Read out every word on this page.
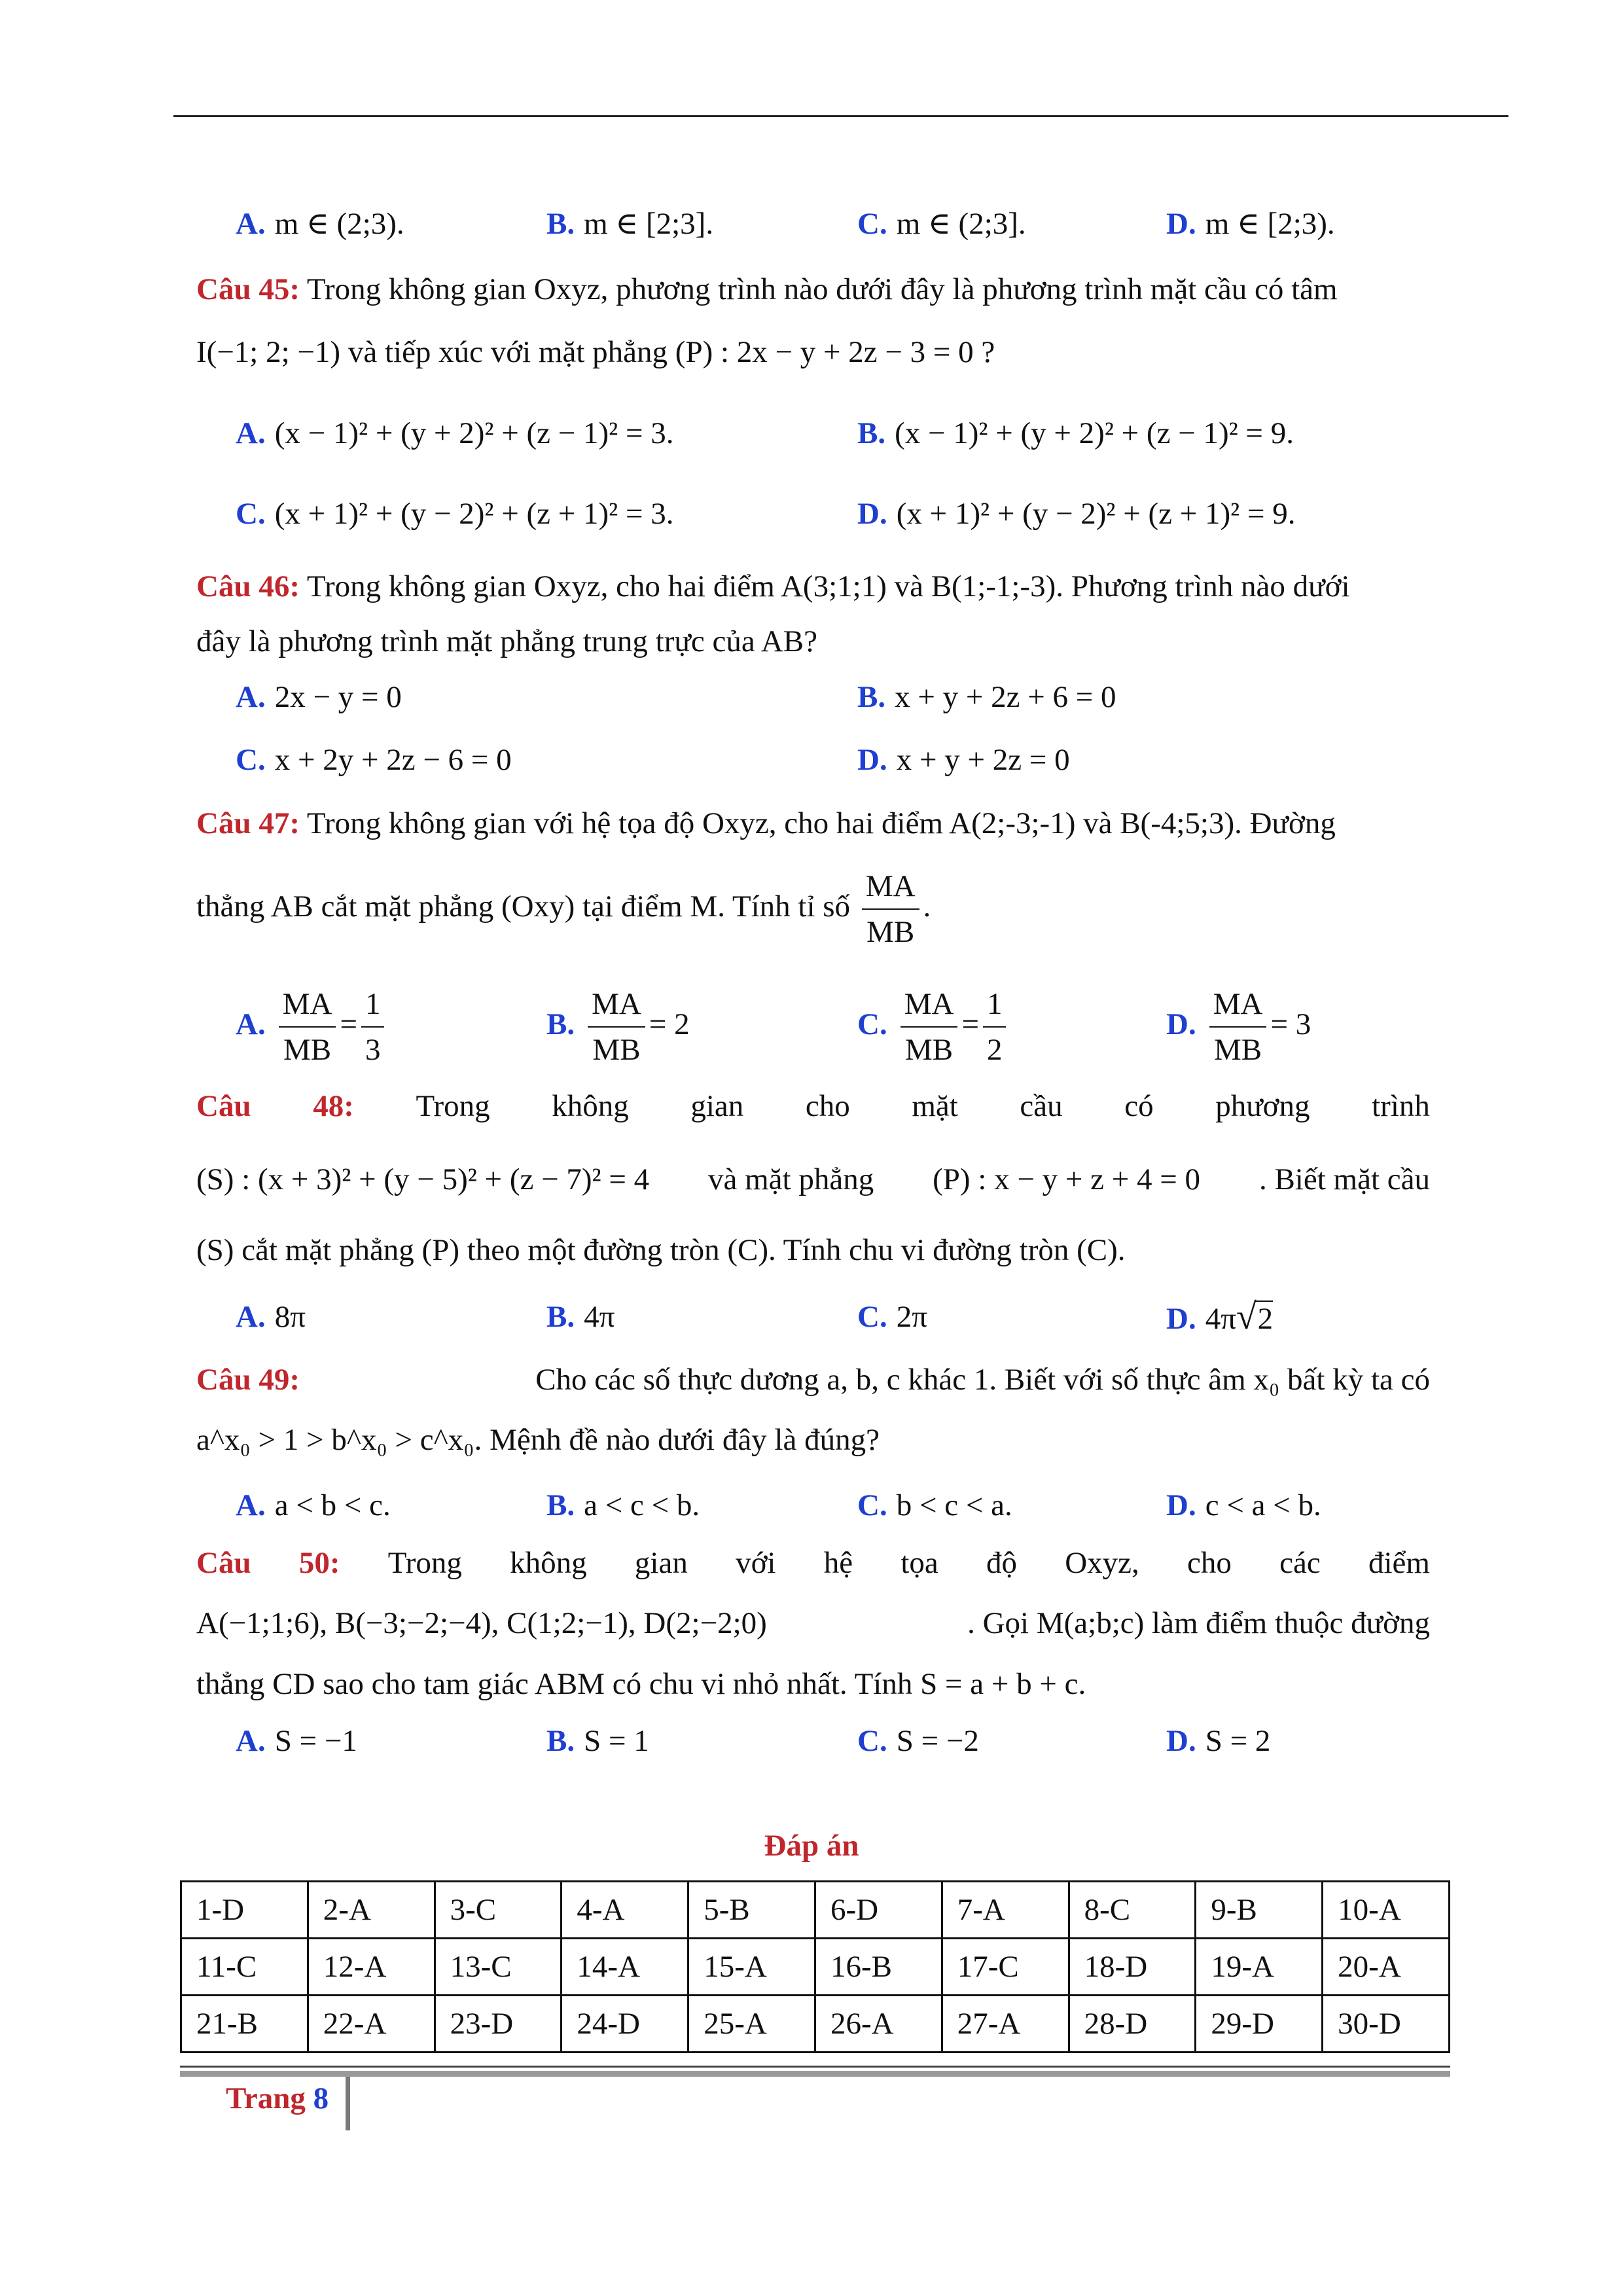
A. m ∈ (2;3).	B. m ∈ [2;3].	C. m ∈ (2;3].	D. m ∈ [2;3).
Câu 45: Trong không gian Oxyz, phương trình nào dưới đây là phương trình mặt cầu có tâm
I(−1; 2; −1) và tiếp xúc với mặt phẳng (P) : 2x − y + 2z − 3 = 0 ?
A. (x − 1)² + (y + 2)² + (z − 1)² = 3.	B. (x − 1)² + (y + 2)² + (z − 1)² = 9.
C. (x + 1)² + (y − 2)² + (z + 1)² = 3.	D. (x + 1)² + (y − 2)² + (z + 1)² = 9.
Câu 46: Trong không gian Oxyz, cho hai điểm A(3;1;1) và B(1;-1;-3). Phương trình nào dưới
đây là phương trình mặt phẳng trung trực của AB?
A. 2x − y = 0	B. x + y + 2z + 6 = 0
C. x + 2y + 2z − 6 = 0	D. x + y + 2z = 0
Câu 47: Trong không gian với hệ tọa độ Oxyz, cho hai điểm A(2;-3;-1) và B(-4;5;3). Đường
thẳng AB cắt mặt phẳng (Oxy) tại điểm M. Tính tỉ số $\frac{MA}{MB}$ .
A. $\frac{MA}{MB} = \frac{1}{3}$	B. $\frac{MA}{MB} = 2$	C. $\frac{MA}{MB} = \frac{1}{2}$	D. $\frac{MA}{MB} = 3$
Câu 48: Trong không gian cho mặt cầu có phương trình
(S) : (x + 3)² + (y − 5)² + (z − 7)² = 4 và mặt phẳng (P) : x − y + z + 4 = 0 . Biết mặt cầu
(S) cắt mặt phẳng (P) theo một đường tròn (C). Tính chu vi đường tròn (C).
A. 8π	B. 4π	C. 2π	D. 4π√2
Câu 49:	Cho các số thực dương a, b, c khác 1. Biết với số thực âm x₀ bất kỳ ta có
a^x₀ > 1 > b^x₀ > c^x₀. Mệnh đề nào dưới đây là đúng?
A. a < b < c.	B. a < c < b.	C. b < c < a.	D. c < a < b.
Câu 50: Trong không gian với hệ tọa độ Oxyz, cho các điểm
A(−1;1;6), B(−3;−2;−4), C(1;2;−1), D(2;−2;0)	. Gọi M(a;b;c) làm điểm thuộc đường
thẳng CD sao cho tam giác ABM có chu vi nhỏ nhất. Tính S = a + b + c.
A. S = −1	B. S = 1	C. S = −2	D. S = 2
Đáp án
1-D	2-A	3-C	4-A	5-B	6-D	7-A	8-C	9-B	10-A
11-C	12-A	13-C	14-A	15-A	16-B	17-C	18-D	19-A	20-A
21-B	22-A	23-D	24-D	25-A	26-A	27-A	28-D	29-D	30-D
Trang 8
